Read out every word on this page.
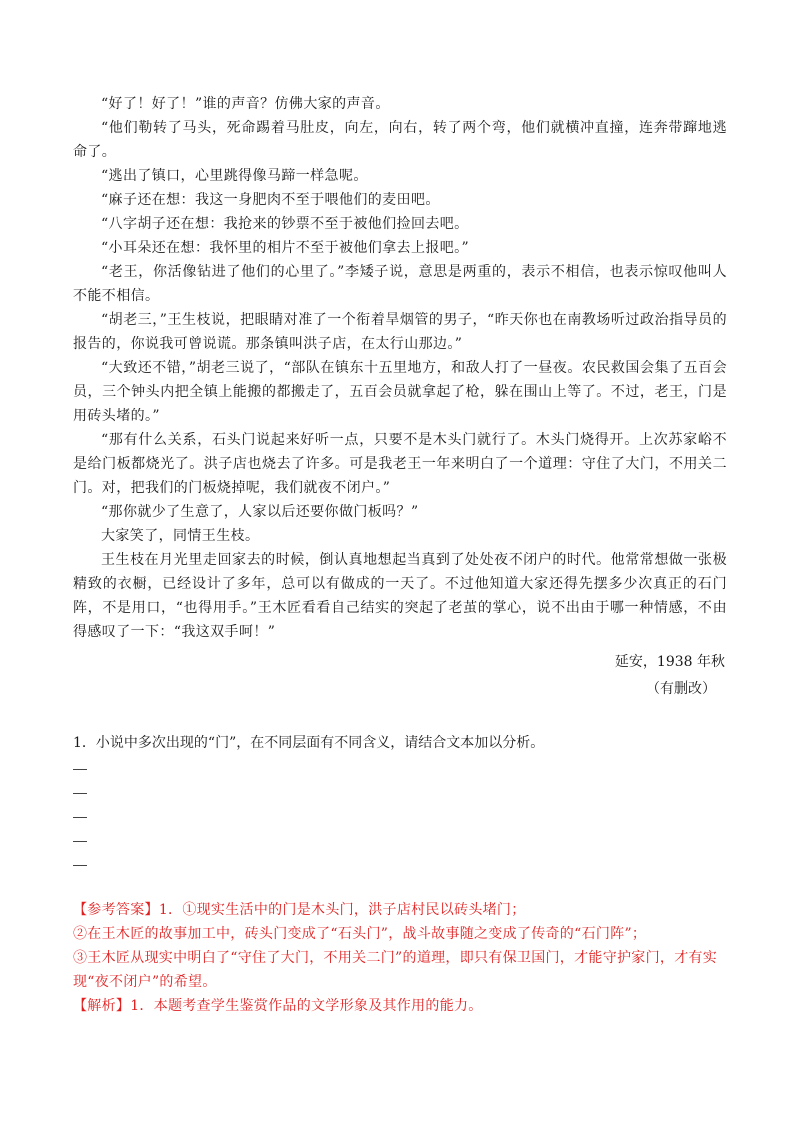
“好了！好了！”谁的声音？仿佛大家的声音。

“他们勒转了马头，死命踢着马肚皮，向左，向右，转了两个弯，他们就横冲直撞，连奔带蹿地逃命了。

“逃出了镇口，心里跳得像马蹄一样急呢。

“麻子还在想：我这一身肥肉不至于喂他们的麦田吧。

“八字胡子还在想：我抢来的钞票不至于被他们捡回去吧。

“小耳朵还在想：我怀里的相片不至于被他们拿去上报吧。”

“老王，你活像钻进了他们的心里了。”李矮子说，意思是两重的，表示不相信，也表示惊叹他叫人不能不相信。

“胡老三，”王生枝说，把眼睛对准了一个衔着旱烟管的男子，“昨天你也在南教场听过政治指导员的报告的，你说我可曾说谎。那条镇叫洪子店，在太行山那边。”

“大致还不错，”胡老三说了，“部队在镇东十五里地方，和敌人打了一昼夜。农民救国会集了五百会员，三个钟头内把全镇上能搬的都搬走了，五百会员就拿起了枪，躲在围山上等了。不过，老王，门是用砖头堵的。”

“那有什么关系，石头门说起来好听一点，只要不是木头门就行了。木头门烧得开。上次苏家峪不是给门板都烧光了。洪子店也烧去了许多。可是我老王一年来明白了一个道理：守住了大门，不用关二门。对，把我们的门板烧掉呢，我们就夜不闭户。”

“那你就少了生意了，人家以后还要你做门板吗？”

大家笑了，同情王生枝。

王生枝在月光里走回家去的时候，倒认真地想起当真到了处处夜不闭户的时代。他常常想做一张极精致的衣橱，已经设计了多年，总可以有做成的一天了。不过他知道大家还得先摆多少次真正的石门阵，不是用口，“也得用手。”王木匠看看自己结实的突起了老茧的掌心，说不出由于哪一种情感，不由得感叹了一下：“我这双手呵！”

延安，1938 年秋
（有删改）
1．小说中多次出现的“门”，在不同层面有不同含义，请结合文本加以分析。

【参考答案】1．①现实生活中的门是木头门，洪子店村民以砖头堵门；

②在王木匠的故事加工中，砖头门变成了“石头门”，战斗故事随之变成了传奇的“石门阵”；

③王木匠从现实中明白了“守住了大门，不用关二门”的道理，即只有保卫国门，才能守护家门，才有实现“夜不闭户”的希望。

【解析】1．本题考查学生鉴赏作品的文学形象及其作用的能力。
